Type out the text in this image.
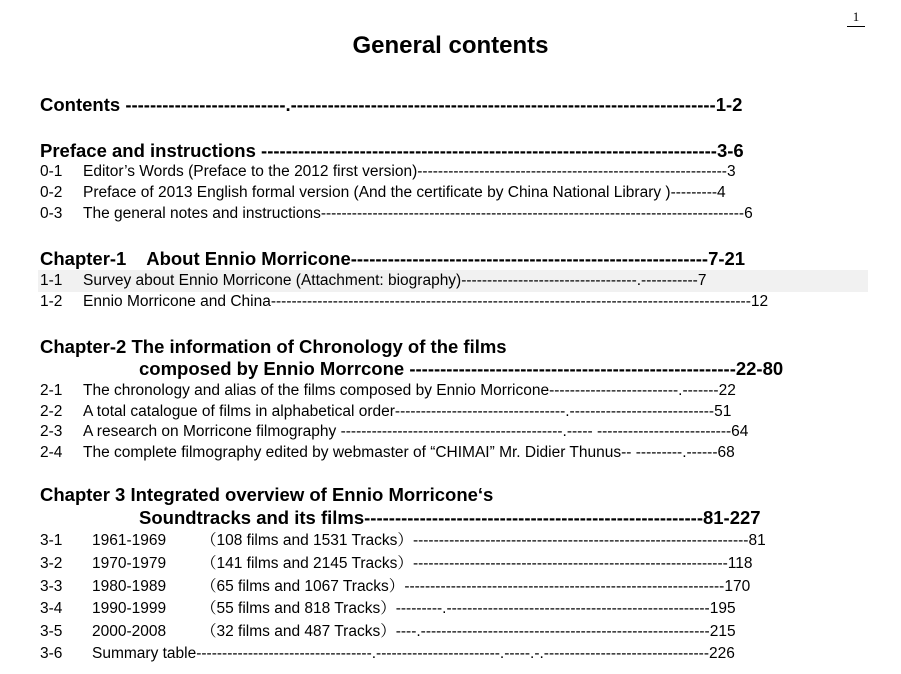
1
General contents
Contents --------------------------.---------------------------------------------------------------------1-2
Preface and instructions --------------------------------------------------------------------------3-6
0-1 Editor’s Words (Preface to the 2012 first version)------------------------------------------------------------3
0-2 Preface of 2013 English formal version (And the certificate by China National Library )---------4
0-3 The general notes and instructions----------------------------------------------------------------------------------6
Chapter-1    About Ennio Morricone----------------------------------------------------------7-21
1-1 Survey about Ennio Morricone (Attachment: biography)----------------------------------.-----------7
1-2 Ennio Morricone and China---------------------------------------------------------------------------------------------12
Chapter-2 The information of Chronology of the films
composed by Ennio Morrcone -----------------------------------------------------22-80
2-1 The chronology and alias of the films composed by Ennio Morricone-------------------------.-------22
2-2 A total catalogue of films in alphabetical order---------------------------------.----------------------------51
2-3 A research on Morricone filmography -------------------------------------------.----- --------------------------64
2-4 The complete filmography edited by webmaster of “CHIMAI” Mr. Didier Thunus-- ---------.------68
Chapter 3 Integrated overview of Ennio Morricone‘s
Soundtracks and its films-------------------------------------------------------81-227
3-1 1961-1969 （108 films and 1531 Tracks）-----------------------------------------------------------------81
3-2 1970-1979 （141 films and 2145 Tracks）-------------------------------------------------------------118
3-3 1980-1989 （65 films and 1067 Tracks）--------------------------------------------------------------170
3-4 1990-1999 （55 films and 818 Tracks）---------.---------------------------------------------------195
3-5 2000-2008 （32 films and 487 Tracks）----.--------------------------------------------------------215
3-6 Summary table----------------------------------.------------------------.-----.-.--------------------------------226
